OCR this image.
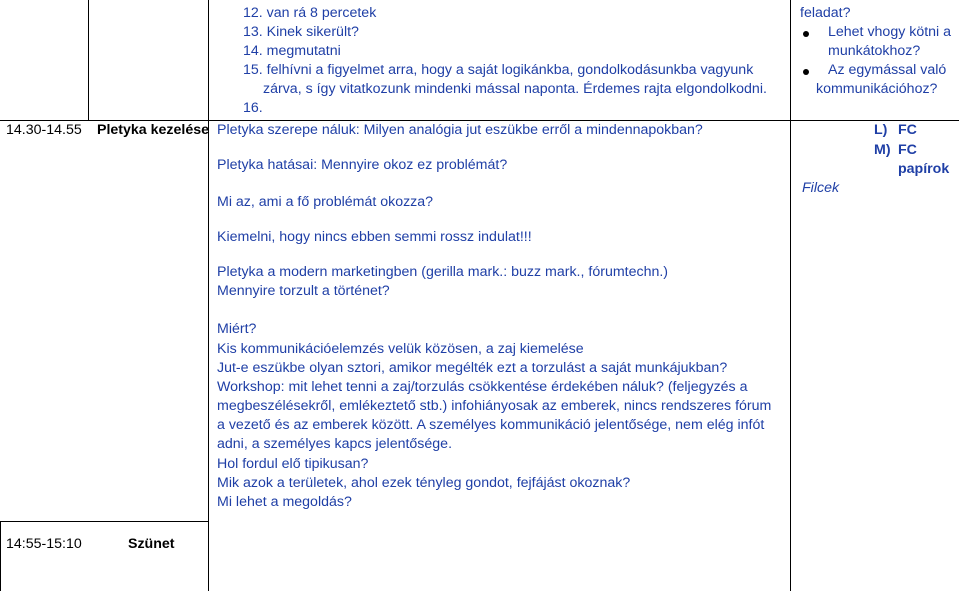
12. van rá 8 percetek
13. Kinek sikerült?
14. megmutatni
15. felhívni a figyelmet arra, hogy a saját logikánkba, gondolkodásunkba vagyunk
zárva, s így vitatkozunk mindenki mással naponta. Érdemes rajta elgondolkodni.
16.
14.30-14.55 Pletyka kezelése Pletyka szerepe náluk: Milyen analógia jut eszükbe erről a mindennapokban?
Pletyka hatásai: Mennyire okoz ez problémát?
Mi az, ami a fő problémát okozza?
Kiemelni, hogy nincs ebben semmi rossz indulat!!!
Pletyka a modern marketingben (gerilla mark.: buzz mark., fórumtechn.)
Mennyire torzult a történet?
Miért?
Kis kommunikációelemzés velük közösen, a zaj kiemelése
Jut-e eszükbe olyan sztori, amikor megélték ezt a torzulást a saját munkájukban?
Workshop: mit lehet tenni a zaj/torzulás csökkentése érdekében náluk? (feljegyzés a
megbeszélésekről, emlékeztető stb.) infohiányosak az emberek, nincs rendszeres fórum
a vezető és az emberek között. A személyes kommunikáció jelentősége, nem elég infót
adni, a személyes kapcs jelentősége.
Hol fordul elő tipikusan?
Mik azok a területek, ahol ezek tényleg gondot, fejfájást okoznak?
Mi lehet a megoldás?
feladat?
Lehet vhogy kötni a
munkátokhoz?
Az egymással való
kommunikációhoz?
L) FC
M) FC
papírok
Filcek
14:55-15:10	Szünet
